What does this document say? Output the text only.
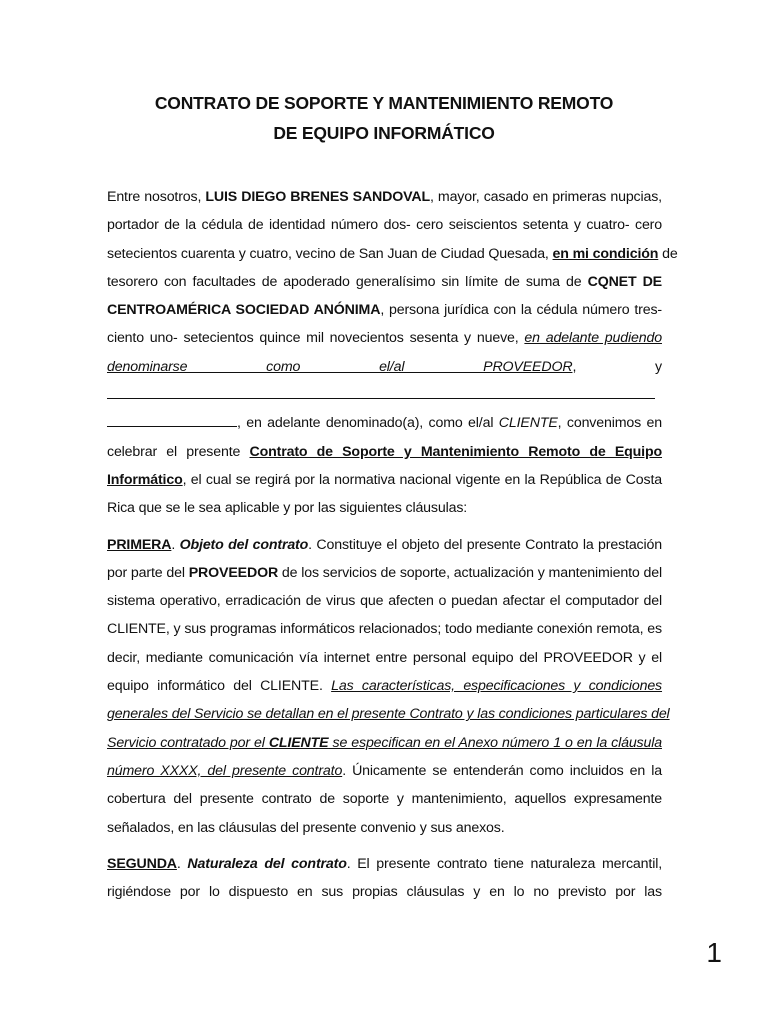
CONTRATO DE SOPORTE Y MANTENIMIENTO REMOTO
DE EQUIPO INFORMÁTICO
Entre nosotros, LUIS DIEGO BRENES SANDOVAL, mayor, casado en primeras nupcias,
portador de la cédula de identidad número dos- cero seiscientos setenta y cuatro- cero
setecientos cuarenta y cuatro, vecino de San Juan de Ciudad Quesada, en mi condición de
tesorero con facultades de apoderado generalísimo sin límite de suma de CQNET DE
CENTROAMÉRICA SOCIEDAD ANÓNIMA, persona jurídica con la cédula número tres-
ciento uno- setecientos quince mil novecientos sesenta y nueve, en adelante pudiendo
denominarse como el/al PROVEEDOR, y
, en adelante denominado(a), como el/al CLIENTE, convenimos en
celebrar el presente Contrato de Soporte y Mantenimiento Remoto de Equipo
Informático, el cual se regirá por la normativa nacional vigente en la República de Costa
Rica que se le sea aplicable y por las siguientes cláusulas:
PRIMERA. Objeto del contrato. Constituye el objeto del presente Contrato la prestación
por parte del PROVEEDOR de los servicios de soporte, actualización y mantenimiento del
sistema operativo, erradicación de virus que afecten o puedan afectar el computador del
CLIENTE, y sus programas informáticos relacionados; todo mediante conexión remota, es
decir, mediante comunicación vía internet entre personal equipo del PROVEEDOR y el
equipo informático del CLIENTE. Las características, especificaciones y condiciones
generales del Servicio se detallan en el presente Contrato y las condiciones particulares del
Servicio contratado por el CLIENTE se especifican en el Anexo número 1 o en la cláusula
número XXXX, del presente contrato. Únicamente se entenderán como incluidos en la
cobertura del presente contrato de soporte y mantenimiento, aquellos expresamente
señalados, en las cláusulas del presente convenio y sus anexos.
SEGUNDA. Naturaleza del contrato. El presente contrato tiene naturaleza mercantil,
rigiéndose por lo dispuesto en sus propias cláusulas y en lo no previsto por las
1
